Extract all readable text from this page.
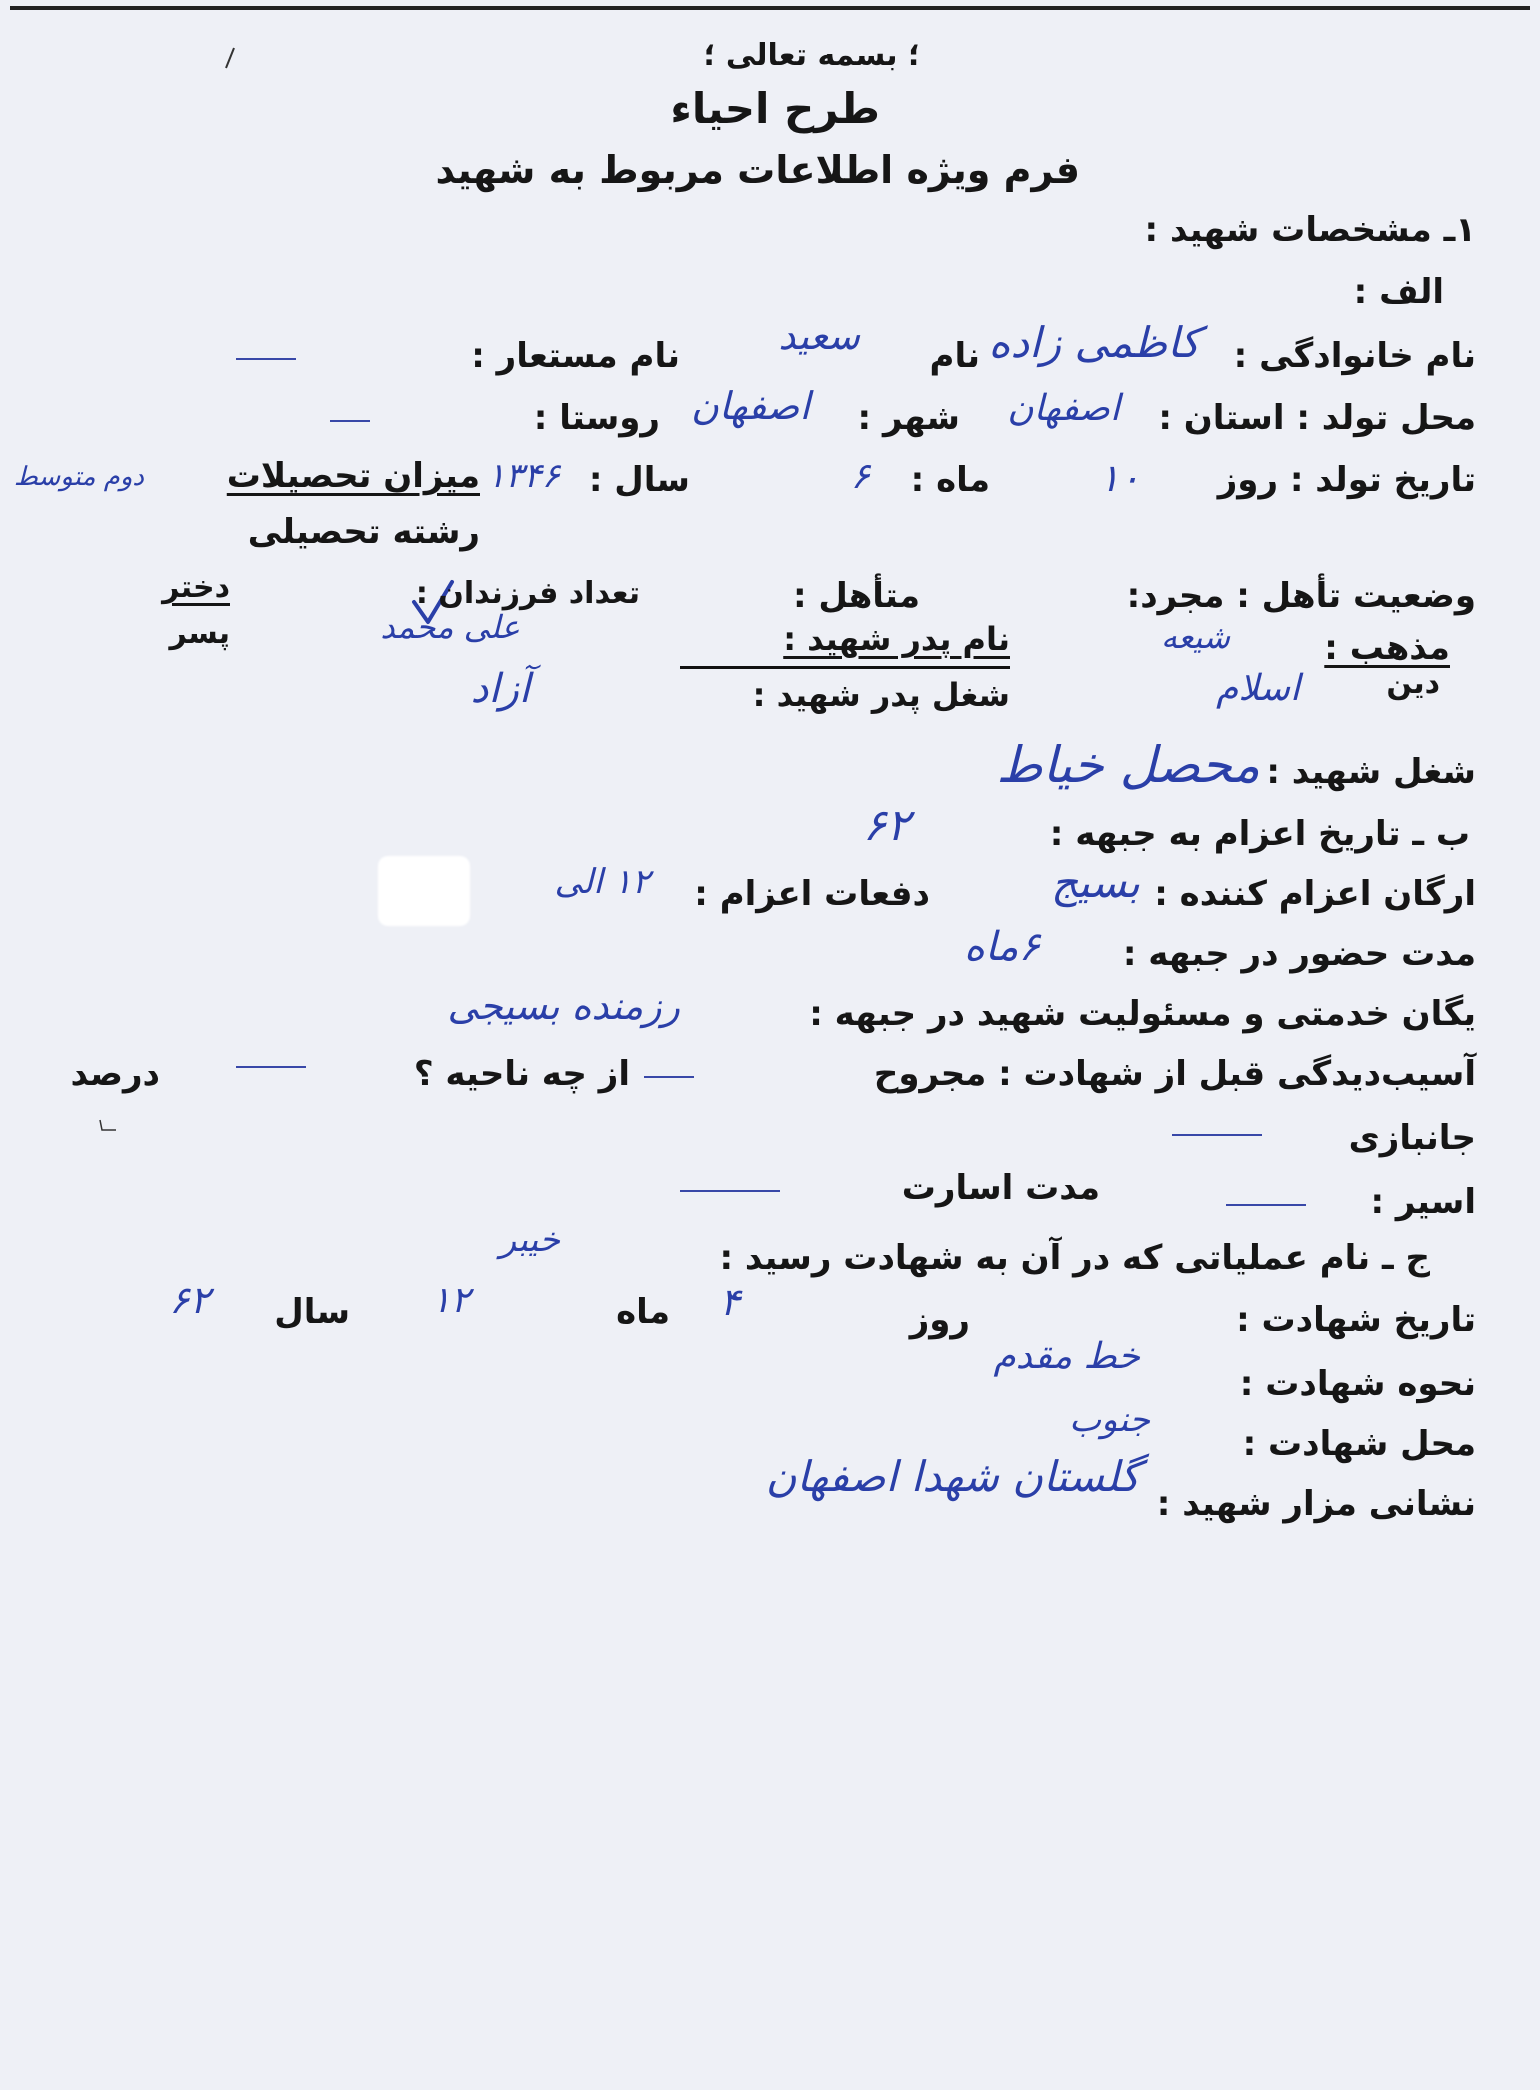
؛ بسمه تعالی ؛
طرح احیاء
فرم ویژه اطلاعات مربوط به شهید
۱ـ مشخصات شهید :
الف :
نام خانوادگی :
کاظمی زاده
نام
سعید
نام مستعار :
محل تولد : استان :
اصفهان
شهر :
اصفهان
روستا :
تاریخ تولد : روز
۱۰
ماه :
۶
سال :
۱۳۴۶
میزان تحصیلات
دوم متوسط
رشته تحصیلی
وضعیت تأهل : مجرد:
متأهل :
تعداد فرزندان :
دختر
پسر	مذهب :
شیعه
دین
اسلام
نام پدر شهید :
علی محمد
شغل پدر شهید :
آزاد
شغل شهید :
محصل خیاط
ب ـ تاریخ اعزام به جبهه :
۶۲
ارگان اعزام کننده :
بسیج
دفعات اعزام :
۱۲ الی
مدت حضور در جبهه :
۶ماه
یگان خدمتی و مسئولیت شهید در جبهه :
رزمنده بسیجی
آسیب‌دیدگی قبل از شهادت : مجروح
از چه ناحیه ؟
درصد
جانبازی
اسیر :
مدت اسارت
ج ـ نام عملیاتی که در آن به شهادت رسید :
خیبر
تاریخ شهادت :
روز
۴
ماه
۱۲
سال
۶۲
نحوه شهادت :
خط مقدم
محل شهادت :
جنوب
نشانی مزار شهید :
گلستان شهدا اصفهان
